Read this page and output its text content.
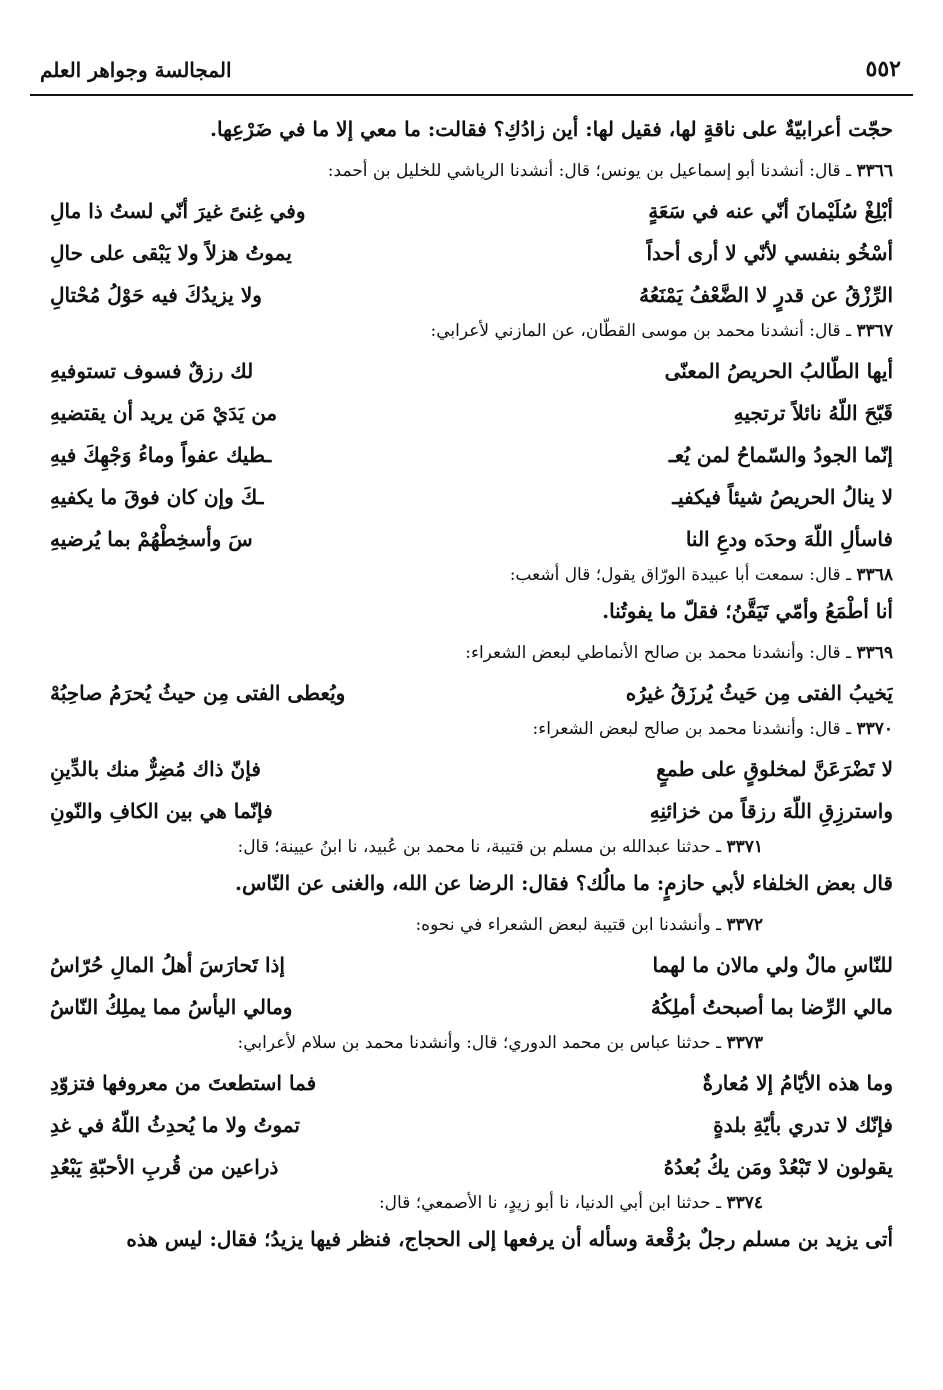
٥٥٢
المجالسة وجواهر العلم

حجّت أعرابيّةٌ على ناقةٍ لها، فقيل لها: أين زادُكِ؟ فقالت: ما معي إلا ما في ضَرْعِها.

٣٣٦٦ ـ قال: أنشدنا أبو إسماعيل بن يونس؛ قال: أنشدنا الرياشي للخليل بن أحمد:

أبْلِغْ سُلَيْمانَ أنّي عنه في سَعَةٍ
وفي غِنىً غيرَ أنّي لستُ ذا مالِ
أسْخُو بنفسي لأنّي لا أرى أحداً
يموتُ هزلاً ولا يَبْقى على حالِ
الرِّزْقُ عن قدرٍ لا الضَّعْفُ يَمْنَعُهُ
ولا يزيدُكَ فيه حَوْلُ مُحْتالِ

٣٣٦٧ ـ قال: أنشدنا محمد بن موسى القطّان، عن المازني لأعرابي:

أيها الطّالبُ الحريصُ المعنّى
لك رزقٌ فسوف تستوفيهِ
قَبّحَ اللّهُ نائلاً ترتجيهِ
من يَدَيْ مَن يريد أن يقتضيهِ
إنّما الجودُ والسّماحُ لمن يُعـ
ـطيك عفواً وماءُ وَجْهِكَ فيهِ
لا ينالُ الحريصُ شيئاً فيكفيـ
ـكَ وإن كان فوقَ ما يكفيهِ
فاسألِ اللّهَ وحدَه ودعِ النا
سَ وأسخِطْهُمْ بما يُرضيهِ

٣٣٦٨ ـ قال: سمعت أبا عبيدة الورّاق يقول؛ قال أشعب:

أنا أطْمَعُ وأمّي تَيَقَّنُ؛ فقلّ ما يفوتُنا.

٣٣٦٩ ـ قال: وأنشدنا محمد بن صالح الأنماطي لبعض الشعراء:

يَخيبُ الفتى مِن حَيثُ يُرزَقُ غيرُه
ويُعطى الفتى مِن حيثُ يُحرَمُ صاحِبُهْ

٣٣٧٠ ـ قال: وأنشدنا محمد بن صالح لبعض الشعراء:

لا تَضْرَعَنَّ لمخلوقٍ على طمعٍ
فإنّ ذاك مُضِرٌّ منك بالدِّينِ
واسترزِقِ اللّهَ رزقاً من خزائنِهِ
فإنّما هي بين الكافِ والنّونِ

٣٣٧١ ـ حدثنا عبدالله بن مسلم بن قتيبة، نا محمد بن عُبيد، نا ابنُ عيينة؛ قال:

قال بعض الخلفاء لأبي حازمٍ: ما مالُك؟ فقال: الرضا عن الله، والغنى عن النّاس.

٣٣٧٢ ـ وأنشدنا ابن قتيبة لبعض الشعراء في نحوه:

للنّاسِ مالٌ ولي مالان ما لهما
إذا تَحارَسَ أهلُ المالِ حُرّاسُ
مالي الرِّضا بما أصبحتُ أملِكُهُ
ومالي اليأسُ مما يملِكُ النّاسُ

٣٣٧٣ ـ حدثنا عباس بن محمد الدوري؛ قال: وأنشدنا محمد بن سلام لأعرابي:

وما هذه الأيّامُ إلا مُعارةٌ
فما استطعتَ من معروفها فتزوّدِ
فإنّك لا تدري بأيّةِ بلدةٍ
تموتُ ولا ما يُحدِثُ اللّهُ في غدِ
يقولون لا تَبْعُدْ ومَن يكُ بُعدُهُ
ذراعين من قُربِ الأحبّةِ يَبْعُدِ

٣٣٧٤ ـ حدثنا ابن أبي الدنيا، نا أبو زيدٍ، نا الأصمعي؛ قال:

أتى يزيد بن مسلم رجلٌ برُقْعة وسأله أن يرفعها إلى الحجاج، فنظر فيها يزيدُ؛ فقال: ليس هذه
